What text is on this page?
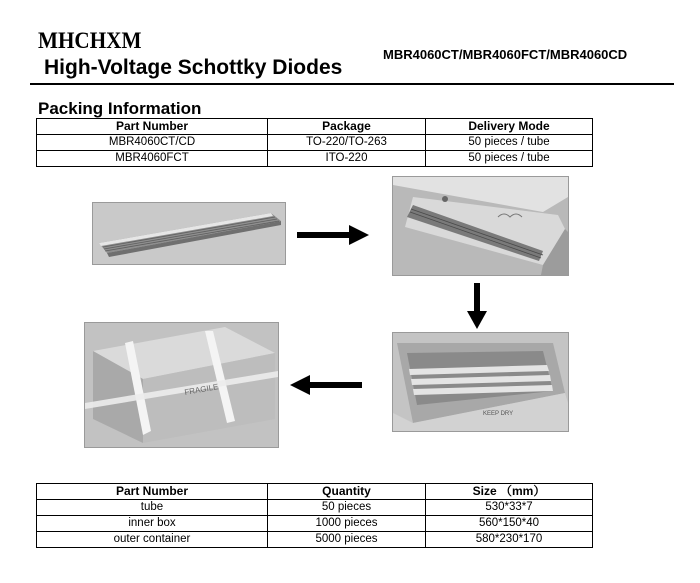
MHCHXM
High-Voltage Schottky Diodes
MBR4060CT/MBR4060FCT/MBR4060CD
Packing Information
Part Number	Package	Delivery Mode
MBR4060CT/CD	TO-220/TO-263	50 pieces / tube
MBR4060FCT	ITO-220	50 pieces / tube
KEEP DRY
FRAGILE
Part Number	Quantity	Size （mm）
tube	50 pieces	530*33*7
inner box	1000 pieces	560*150*40
outer container	5000 pieces	580*230*170
